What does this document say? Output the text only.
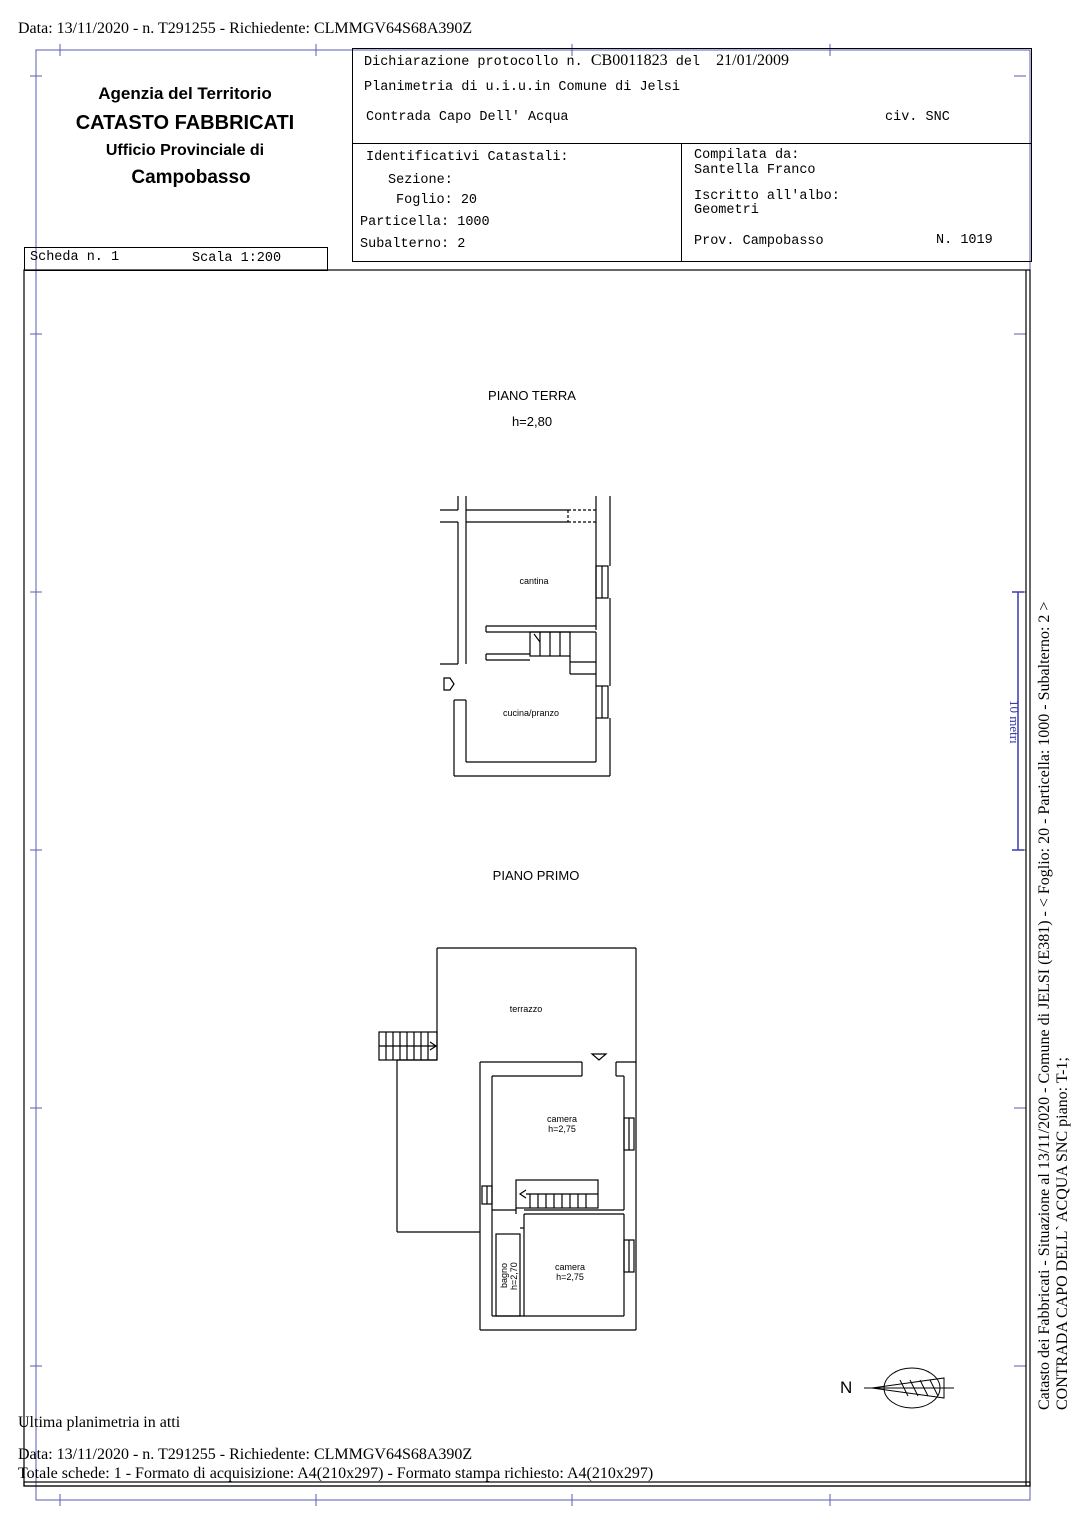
Data: 13/11/2020 - n. T291255 - Richiedente: CLMMGV64S68A390Z
Agenzia del Territorio
CATASTO FABBRICATI
Ufficio Provinciale di
Campobasso
Dichiarazione protocollo n. CB0011823 del 21/01/2009
Planimetria di u.i.u.in Comune di Jelsi
Contrada Capo Dell' Acqua	civ. SNC
Identificativi Catastali:
Sezione:
Foglio: 20
Particella: 1000
Subalterno: 2
Compilata da:
Santella Franco
Iscritto all'albo:
Geometri
Prov. Campobasso	N. 1019
Scheda n. 1	Scala 1:200
PIANO TERRA
h=2,80
PIANO PRIMO
cantina
cucina/pranzo
terrazzo
camera
h=2,75
camera
h=2,75
bagno h=2,70
N	Catasto dei Fabbricati - Situazione al 13/11/2020 - Comune di JELSI (E381) - < Foglio: 20 - Particella: 1000 - Subalterno: 2 > CONTRADA CAPO DELL` ACQUA SNC piano: T-1;
10 metri
Ultima planimetria in atti
Data: 13/11/2020 - n. T291255 - Richiedente: CLMMGV64S68A390Z
Totale schede: 1 - Formato di acquisizione: A4(210x297) - Formato stampa richiesto: A4(210x297)
